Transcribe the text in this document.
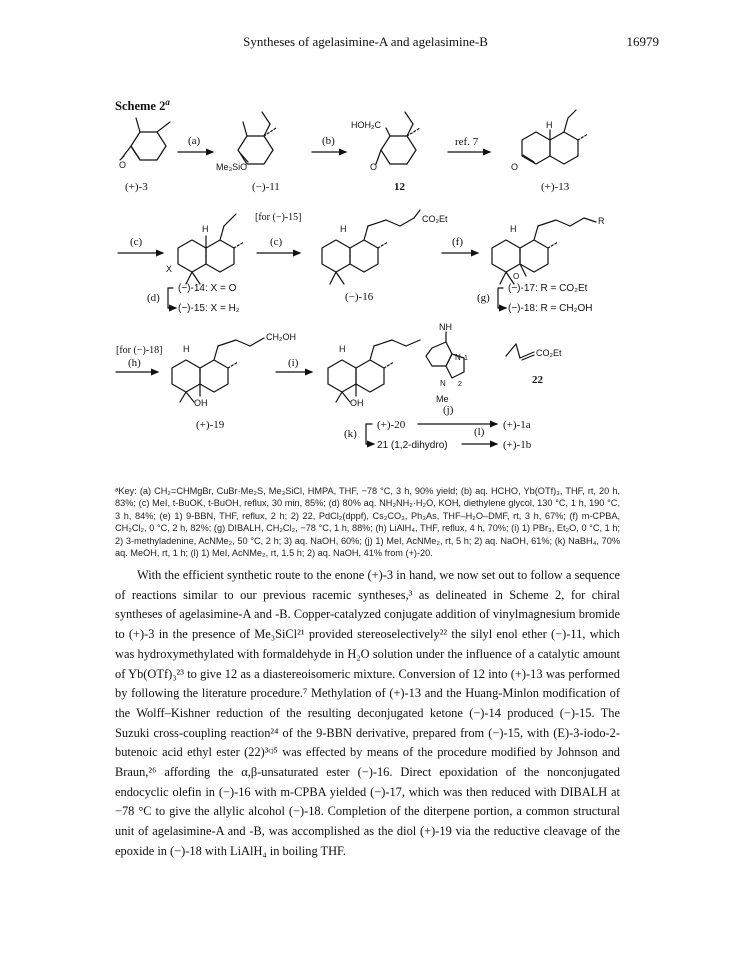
Syntheses of agelasimine-A and agelasimine-B	16979
Scheme 2$^a$
O
(+)-3
(a)
Me₃SiO
(−)-11
(b)
HOH₂C
O
12
ref. 7
H
O
(+)-13
(c)
H
X
[for (−)-15]
(c)
H
CO₂Et
(f)
H
R
O
(d)
(−)-14: X = O
(−)-15: X = H₂
(−)-16	(g)
(−)-17: R = CO₂Et
(−)-18: R = CH₂OH
[for (−)-18]
(h)
H
CH₂OH
OH
(+)-19
(i)
H
NH
N 1
N 2
Me
OH
CO₂Et
22
(k)
(+)-20
(j)
(+)-1a
21 (1,2-dihydro)
(l)
(+)-1b
ᵃKey: (a) CH₂=CHMgBr, CuBr·Me₂S, Me₃SiCl, HMPA, THF, −78 °C, 3 h, 90% yield; (b) aq. HCHO, Yb(OTf)₃, THF, rt, 20 h, 83%; (c) MeI, t-BuOK, t-BuOH, reflux, 30 min, 85%; (d) 80% aq. NH₂NH₂·H₂O, KOH, diethylene glycol, 130 °C, 1 h, 190 °C, 3 h, 84%; (e) 1) 9-BBN, THF, reflux, 2 h; 2) 22, PdCl₂(dppf), Cs₂CO₃, Ph₃As, THF–H₂O–DMF, rt, 3 h, 67%; (f) m-CPBA, CH₂Cl₂, 0 °C, 2 h, 82%; (g) DIBALH, CH₂Cl₂, −78 °C, 1 h, 88%; (h) LiAlH₄, THF, reflux, 4 h, 70%; (i) 1) PBr₃, Et₂O, 0 °C, 1 h; 2) 3-methyladenine, AcNMe₂, 50 °C, 2 h; 3) aq. NaOH, 60%; (j) 1) MeI, AcNMe₂, rt, 5 h; 2) aq. NaOH, 61%; (k) NaBH₄, 70% aq. MeOH, rt, 1 h; (l) 1) MeI, AcNMe₂, rt, 1.5 h; 2) aq. NaOH, 41% from (+)-20.

With the efficient synthetic route to the enone (+)-3 in hand, we now set out to follow a sequence of reactions similar to our previous racemic syntheses,³ as delineated in Scheme 2, for chiral syntheses of agelasimine-A and -B. Copper-catalyzed conjugate addition of vinylmagnesium bromide to (+)-3 in the presence of Me₃SiCl²¹ provided stereoselectively²² the silyl enol ether (−)-11, which was hydroxymethylated with formaldehyde in H₂O solution under the influence of a catalytic amount of Yb(OTf)₃²³ to give 12 as a diastereoisomeric mixture. Conversion of 12 into (+)-13 was performed by following the literature procedure.⁷ Methylation of (+)-13 and the Huang-Minlon modification of the Wolff–Kishner reduction of the resulting deconjugated ketone (−)-14 produced (−)-15. The Suzuki cross-coupling reaction²⁴ of the 9-BBN derivative, prepared from (−)-15, with (E)-3-iodo-2-butenoic acid ethyl ester (22)³ᶜʲ⁵ was effected by means of the procedure modified by Johnson and Braun,²⁶ affording the α,β-unsaturated ester (−)-16. Direct epoxidation of the nonconjugated endocyclic olefin in (−)-16 with m-CPBA yielded (−)-17, which was then reduced with DIBALH at −78 °C to give the allylic alcohol (−)-18. Completion of the diterpene portion, a common structural unit of agelasimine-A and -B, was accomplished as the diol (+)-19 via the reductive cleavage of the epoxide in (−)-18 with LiAlH₄ in boiling THF.
